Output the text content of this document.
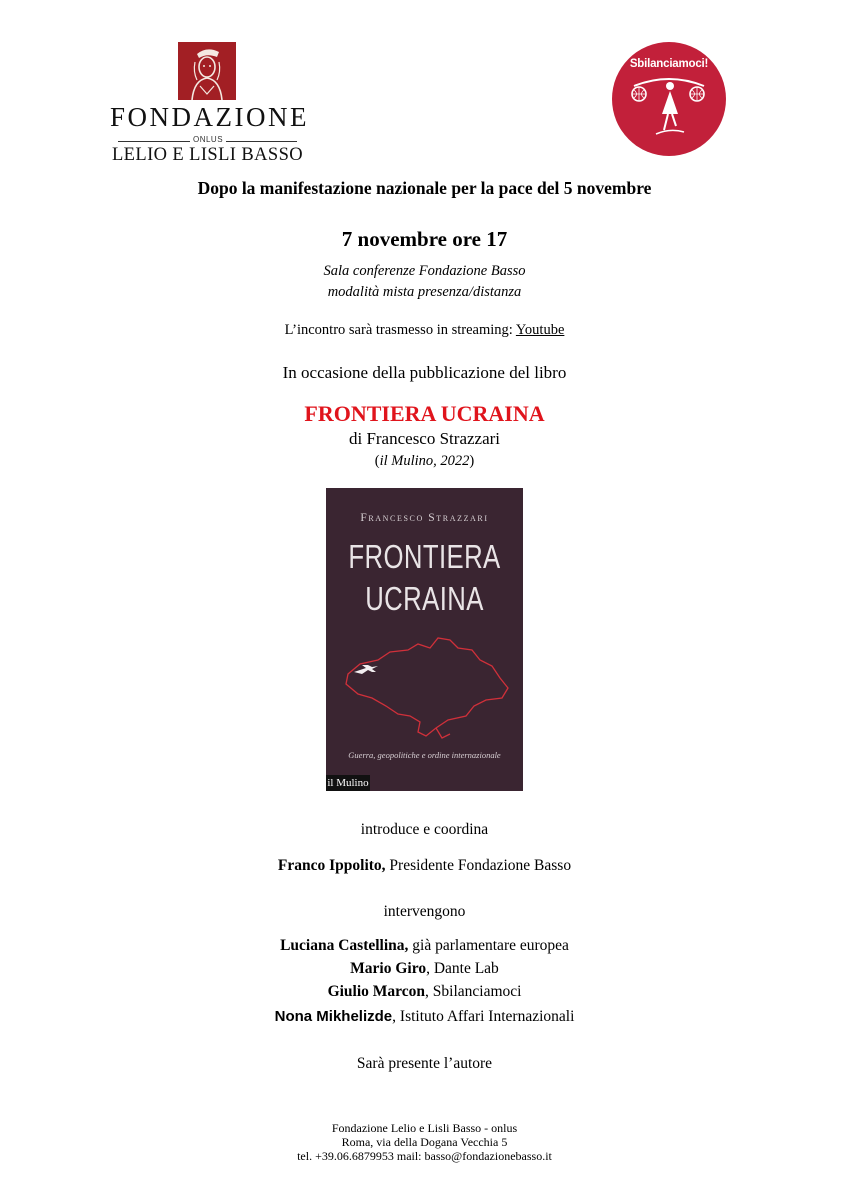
FONDAZIONE
ONLUS
LELIO E LISLI BASSO
Sbilanciamoci!
Dopo la manifestazione nazionale per la pace del 5 novembre
7 novembre ore 17
Sala conferenze Fondazione Basso
modalità mista presenza/distanza
L’incontro sarà trasmesso in streaming: Youtube
In occasione della pubblicazione del libro
FRONTIERA UCRAINA
di Francesco Strazzari
(il Mulino, 2022)
Francesco Strazzari
FRONTIERA
UCRAINA
Guerra, geopolitiche e ordine internazionale
il Mulino
introduce e coordina
Franco Ippolito, Presidente Fondazione Basso
intervengono
Luciana Castellina, già parlamentare europea
Mario Giro, Dante Lab
Giulio Marcon, Sbilanciamoci
Nona Mikhelizde, Istituto Affari Internazionali
Sarà presente l’autore
Fondazione Lelio e Lisli Basso - onlus
Roma, via della Dogana Vecchia 5
tel. +39.06.6879953 mail: basso@fondazionebasso.it
